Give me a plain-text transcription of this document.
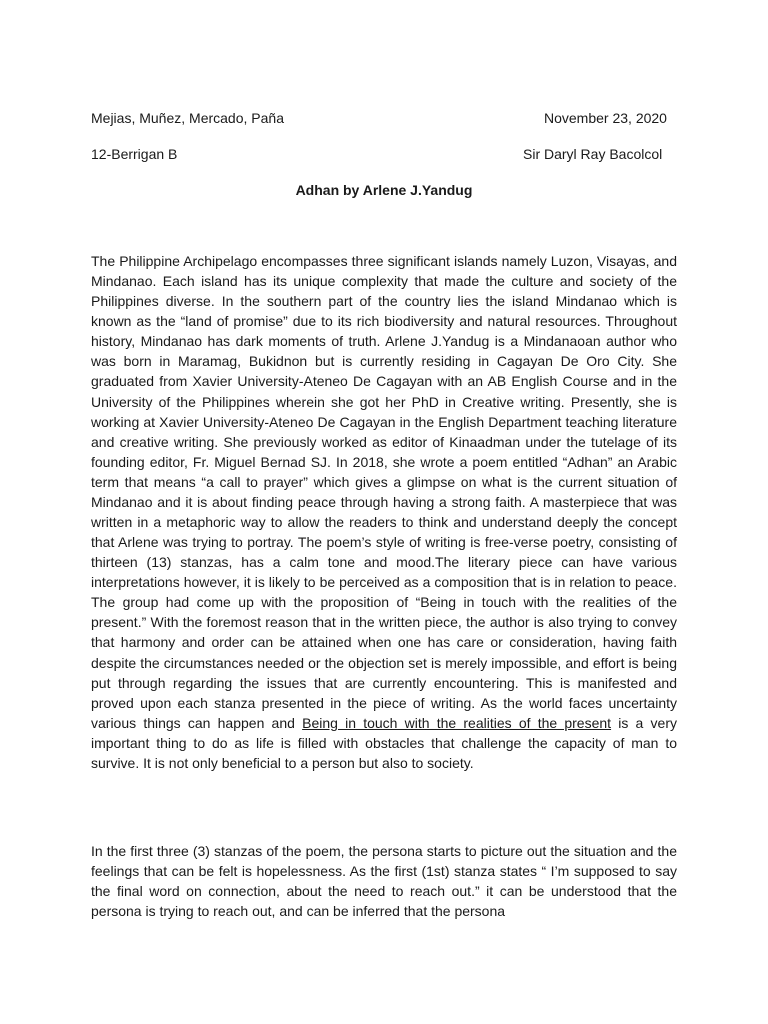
Mejias, Muñez, Mercado, Paña	November 23, 2020
12-Berrigan B	Sir Daryl Ray Bacolcol
Adhan by Arlene J.Yandug

The Philippine Archipelago encompasses three significant islands namely Luzon, Visayas, and Mindanao. Each island has its unique complexity that made the culture and society of the Philippines diverse. In the southern part of the country lies the island Mindanao which is known as the “land of promise” due to its rich biodiversity and natural resources. Throughout history, Mindanao has dark moments of truth. Arlene J.Yandug is a Mindanaoan author who was born in Maramag, Bukidnon but is currently residing in Cagayan De Oro City. She graduated from Xavier University-Ateneo De Cagayan with an AB English Course and in the University of the Philippines wherein she got her PhD in Creative writing. Presently, she is working at Xavier University-Ateneo De Cagayan in the English Department teaching literature and creative writing. She previously worked as editor of Kinaadman under the tutelage of its founding editor, Fr. Miguel Bernad SJ. In 2018, she wrote a poem entitled “Adhan” an Arabic term that means “a call to prayer” which gives a glimpse on what is the current situation of Mindanao and it is about finding peace through having a strong faith. A masterpiece that was written in a metaphoric way to allow the readers to think and understand deeply the concept that Arlene was trying to portray. The poem’s style of writing is free-verse poetry, consisting of thirteen (13) stanzas, has a calm tone and mood.The literary piece can have various interpretations however, it is likely to be perceived as a composition that is in relation to peace. The group had come up with the proposition of “Being in touch with the realities of the present.” With the foremost reason that in the written piece, the author is also trying to convey that harmony and order can be attained when one has care or consideration, having faith despite the circumstances needed or the objection set is merely impossible, and effort is being put through regarding the issues that are currently encountering. This is manifested and proved upon each stanza presented in the piece of writing. As the world faces uncertainty various things can happen and Being in touch with the realities of the present is a very important thing to do as life is filled with obstacles that challenge the capacity of man to survive. It is not only beneficial to a person but also to society.

In the first three (3) stanzas of the poem, the persona starts to picture out the situation and the feelings that can be felt is hopelessness. As the first (1st) stanza states “ I’m supposed to say the final word on connection, about the need to reach out.” it can be understood that the persona is trying to reach out, and can be inferred that the persona
